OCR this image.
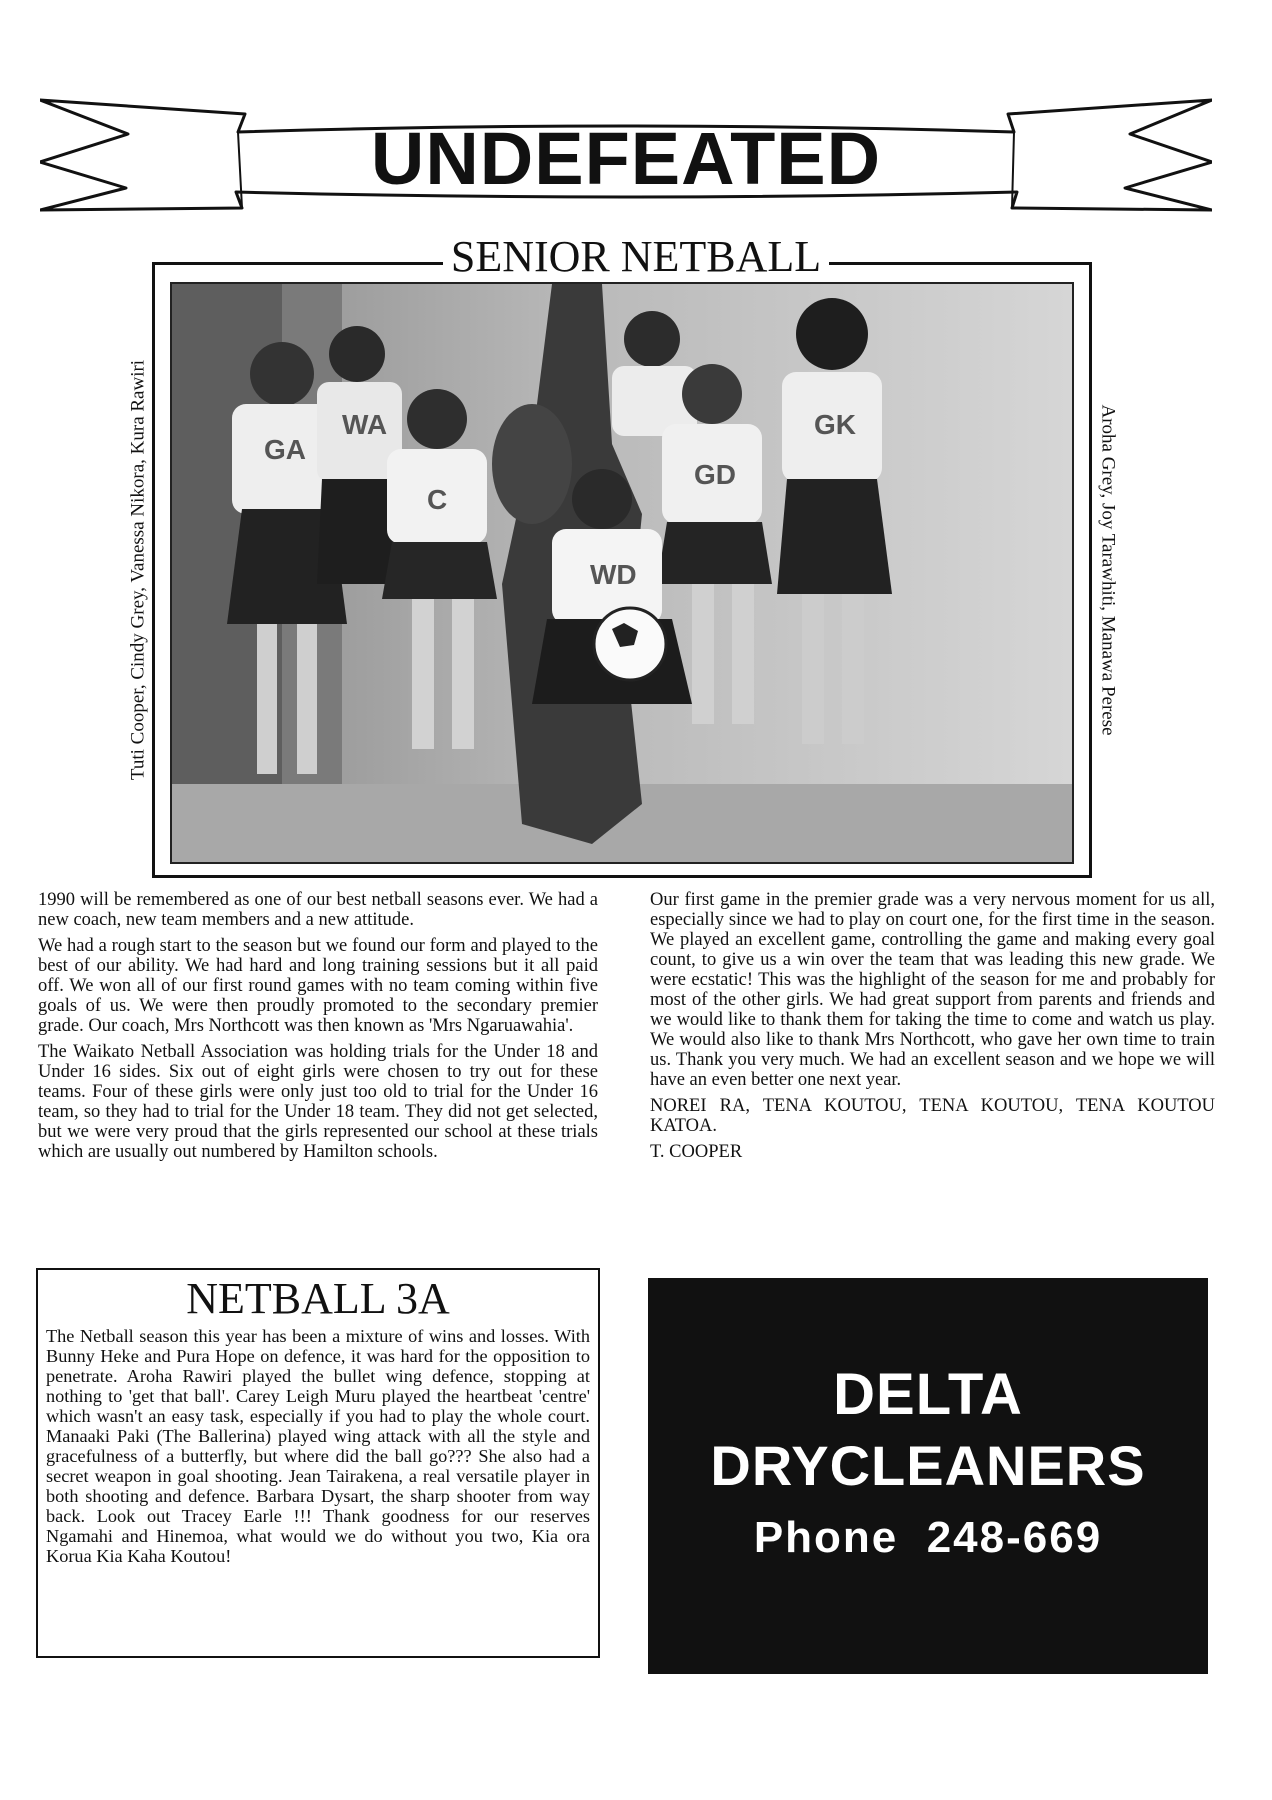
UNDEFEATED
SENIOR NETBALL
GA
WA
C
WD
GD
GK
Tuti Cooper, Cindy Grey, Vanessa Nikora, Kura Rawiri	Aroha Grey, Joy Tarawhiti, Manawa Perese

1990 will be remembered as one of our best netball seasons ever. We had a new coach, new team members and a new attitude.

We had a rough start to the season but we found our form and played to the best of our ability. We had hard and long training sessions but it all paid off. We won all of our first round games with no team coming within five goals of us. We were then proudly promoted to the secondary premier grade. Our coach, Mrs Northcott was then known as 'Mrs Ngaruawahia'.

The Waikato Netball Association was holding trials for the Under 18 and Under 16 sides. Six out of eight girls were chosen to try out for these teams. Four of these girls were only just too old to trial for the Under 16 team, so they had to trial for the Under 18 team. They did not get selected, but we were very proud that the girls represented our school at these trials which are usually out numbered by Hamilton schools.

Our first game in the premier grade was a very nervous moment for us all, especially since we had to play on court one, for the first time in the season. We played an excellent game, controlling the game and making every goal count, to give us a win over the team that was leading this new grade. We were ecstatic! This was the highlight of the season for me and probably for most of the other girls. We had great support from parents and friends and we would like to thank them for taking the time to come and watch us play. We would also like to thank Mrs Northcott, who gave her own time to train us. Thank you very much. We had an excellent season and we hope we will have an even better one next year.

NOREI RA, TENA KOUTOU, TENA KOUTOU, TENA KOUTOU KATOA.

T. COOPER

NETBALL 3A

The Netball season this year has been a mixture of wins and losses. With Bunny Heke and Pura Hope on defence, it was hard for the opposition to penetrate. Aroha Rawiri played the bullet wing defence, stopping at nothing to 'get that ball'. Carey Leigh Muru played the heartbeat 'centre' which wasn't an easy task, especially if you had to play the whole court. Manaaki Paki (The Ballerina) played wing attack with all the style and gracefulness of a butterfly, but where did the ball go??? She also had a secret weapon in goal shooting. Jean Tairakena, a real versatile player in both shooting and defence. Barbara Dysart, the sharp shooter from way back. Look out Tracey Earle !!! Thank goodness for our reserves Ngamahi and Hinemoa, what would we do without you two, Kia ora Korua Kia Kaha Koutou!

DELTA
DRYCLEANERS
Phone  248-669
